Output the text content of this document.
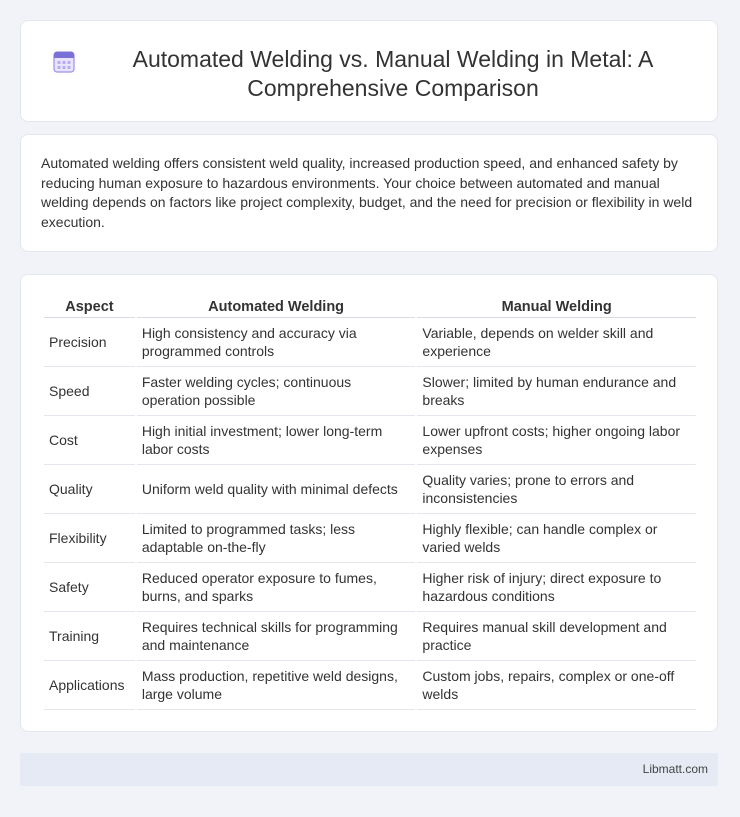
Automated Welding vs. Manual Welding in Metal: A Comprehensive Comparison

Automated welding offers consistent weld quality, increased production speed, and enhanced safety by reducing human exposure to hazardous environments. Your choice between automated and manual welding depends on factors like project complexity, budget, and the need for precision or flexibility in weld execution.

Aspect	Automated Welding	Manual Welding
Precision	High consistency and accuracy via programmed controls	Variable, depends on welder skill and experience
Speed	Faster welding cycles; continuous operation possible	Slower; limited by human endurance and breaks
Cost	High initial investment; lower long-term labor costs	Lower upfront costs; higher ongoing labor expenses
Quality	Uniform weld quality with minimal defects	Quality varies; prone to errors and inconsistencies
Flexibility	Limited to programmed tasks; less adaptable on-the-fly	Highly flexible; can handle complex or varied welds
Safety	Reduced operator exposure to fumes, burns, and sparks	Higher risk of injury; direct exposure to hazardous conditions
Training	Requires technical skills for programming and maintenance	Requires manual skill development and practice
Applications	Mass production, repetitive weld designs, large volume	Custom jobs, repairs, complex or one-off welds
Libmatt.com
